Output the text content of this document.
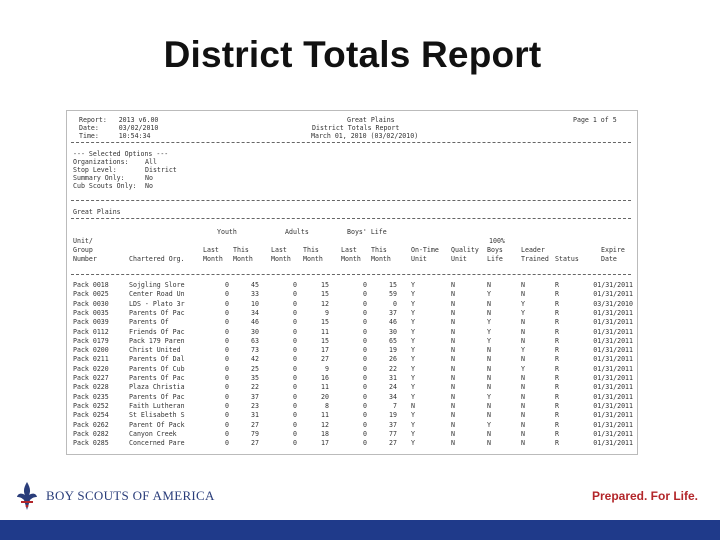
District Totals Report
Report:   2013 v6.00
Date:     03/02/2010
Time:     10:54:34
Great Plains
District Totals Report
March 01, 2010 (03/02/2010)
Page 1 of 5
--- Selected Options ---
Organizations: All
Stop Level:	District
Summary Only:	No
Cub Scouts Only: No
Great Plains
Youth	Adults	Boys' Life
100%
Unit/
Group	Last	This	Last	This	Last	This	On-Time	Quality	Boys	Leader	Expire
Number	Chartered Org.	Month	Month	Month	Month	Month	Month	Unit	Unit	Life	Trained Status	Date
Pack 0018	Sojgling Slore	0	45	0	15	0	15 Y	N	N	N	R	01/31/2011
Pack 0025	Center Road Un	0	33	0	15	0	59 Y	N	Y	N	R	01/31/2011
Pack 0030	LDS - Plato 3r	0	10	0	12	0	0 Y	N	N	Y	R	03/31/2010
Pack 0035	Parents Of Pac	0	34	0	9	0	37 Y	N	N	Y	R	01/31/2011
Pack 0039	Parents Of	0	46	0	15	0	46 Y	N	Y	N	R	01/31/2011
Pack 0112	Friends Of Pac	0	30	0	11	0	30 Y	N	Y	N	R	01/31/2011
Pack 0179	Pack 179 Paren	0	63	0	15	0	65 Y	N	Y	N	R	01/31/2011
Pack 0200	Christ United	0	73	0	17	0	19 Y	N	N	Y	R	01/31/2011
Pack 0211	Parents Of Dal	0	42	0	27	0	26 Y	N	N	N	R	01/31/2011
Pack 0220	Parents Of Cub	0	25	0	9	0	22 Y	N	N	Y	R	01/31/2011
Pack 0227	Parents Of Pac	0	35	0	16	0	31 Y	N	N	N	R	01/31/2011
Pack 0228	Plaza Christia	0	22	0	11	0	24 Y	N	N	N	R	01/31/2011
Pack 0235	Parents Of Pac	0	37	0	20	0	34 Y	N	Y	N	R	01/31/2011
Pack 0252	Faith Lutheran	0	23	0	8	0	7 N	N	N	N	R	01/31/2011
Pack 0254	St Elisabeth S	0	31	0	11	0	19 Y	N	N	N	R	01/31/2011
Pack 0262	Parent Of Pack	0	27	0	12	0	37 Y	N	Y	N	R	01/31/2011
Pack 0282	Canyon Creek	0	79	0	18	0	77 Y	N	N	N	R	01/31/2011
Pack 0285	Concerned Pare	0	27	0	17	0	27 Y	N	N	N	R	01/31/2011
BOY SCOUTS OF AMERICA	Prepared. For Life.
